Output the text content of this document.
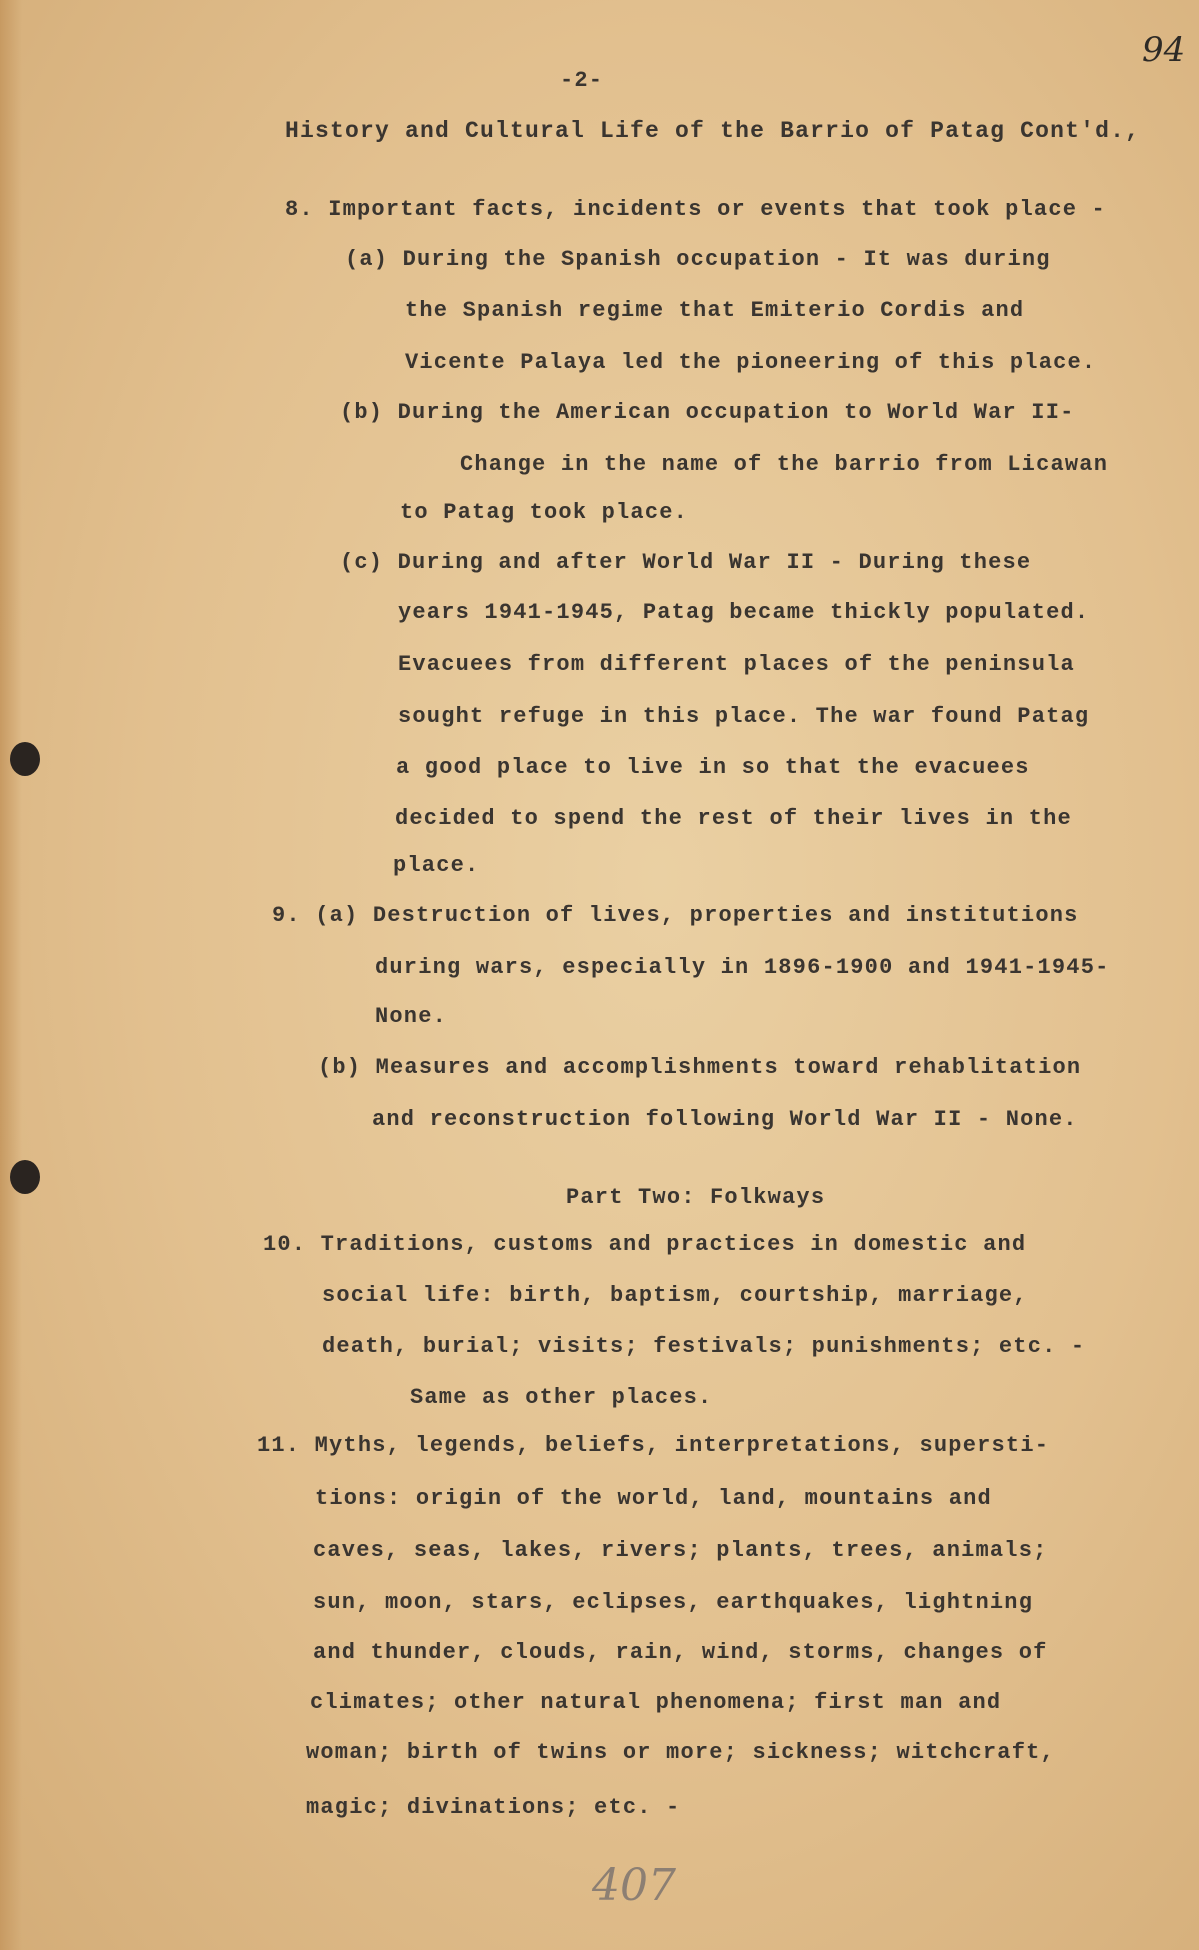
94
-2-
History and Cultural Life of the Barrio of Patag Cont'd.,
8. Important facts, incidents or events that took place -
(a) During the Spanish occupation - It was during
the Spanish regime that Emiterio Cordis and
Vicente Palaya led the pioneering of this place.
(b) During the American occupation to World War II-
Change in the name of the barrio from Licawan
to Patag took place.
(c) During and after World War II - During these
years 1941-1945, Patag became thickly populated.
Evacuees from different places of the peninsula
sought refuge in this place. The war found Patag
a good place to live in so that the evacuees
decided to spend the rest of their lives in the
place.
9. (a) Destruction of lives, properties and institutions
during wars, especially in 1896-1900 and 1941-1945-
None.
(b) Measures and accomplishments toward rehablitation
and reconstruction following World War II - None.
Part Two: Folkways
10. Traditions, customs and practices in domestic and
social life: birth, baptism, courtship, marriage,
death, burial; visits; festivals; punishments; etc. -
Same as other places.
11. Myths, legends, beliefs, interpretations, supersti-
tions: origin of the world, land, mountains and
caves, seas, lakes, rivers; plants, trees, animals;
sun, moon, stars, eclipses, earthquakes, lightning
and thunder, clouds, rain, wind, storms, changes of
climates; other natural phenomena; first man and
woman; birth of twins or more; sickness; witchcraft,
magic; divinations; etc. -
407
